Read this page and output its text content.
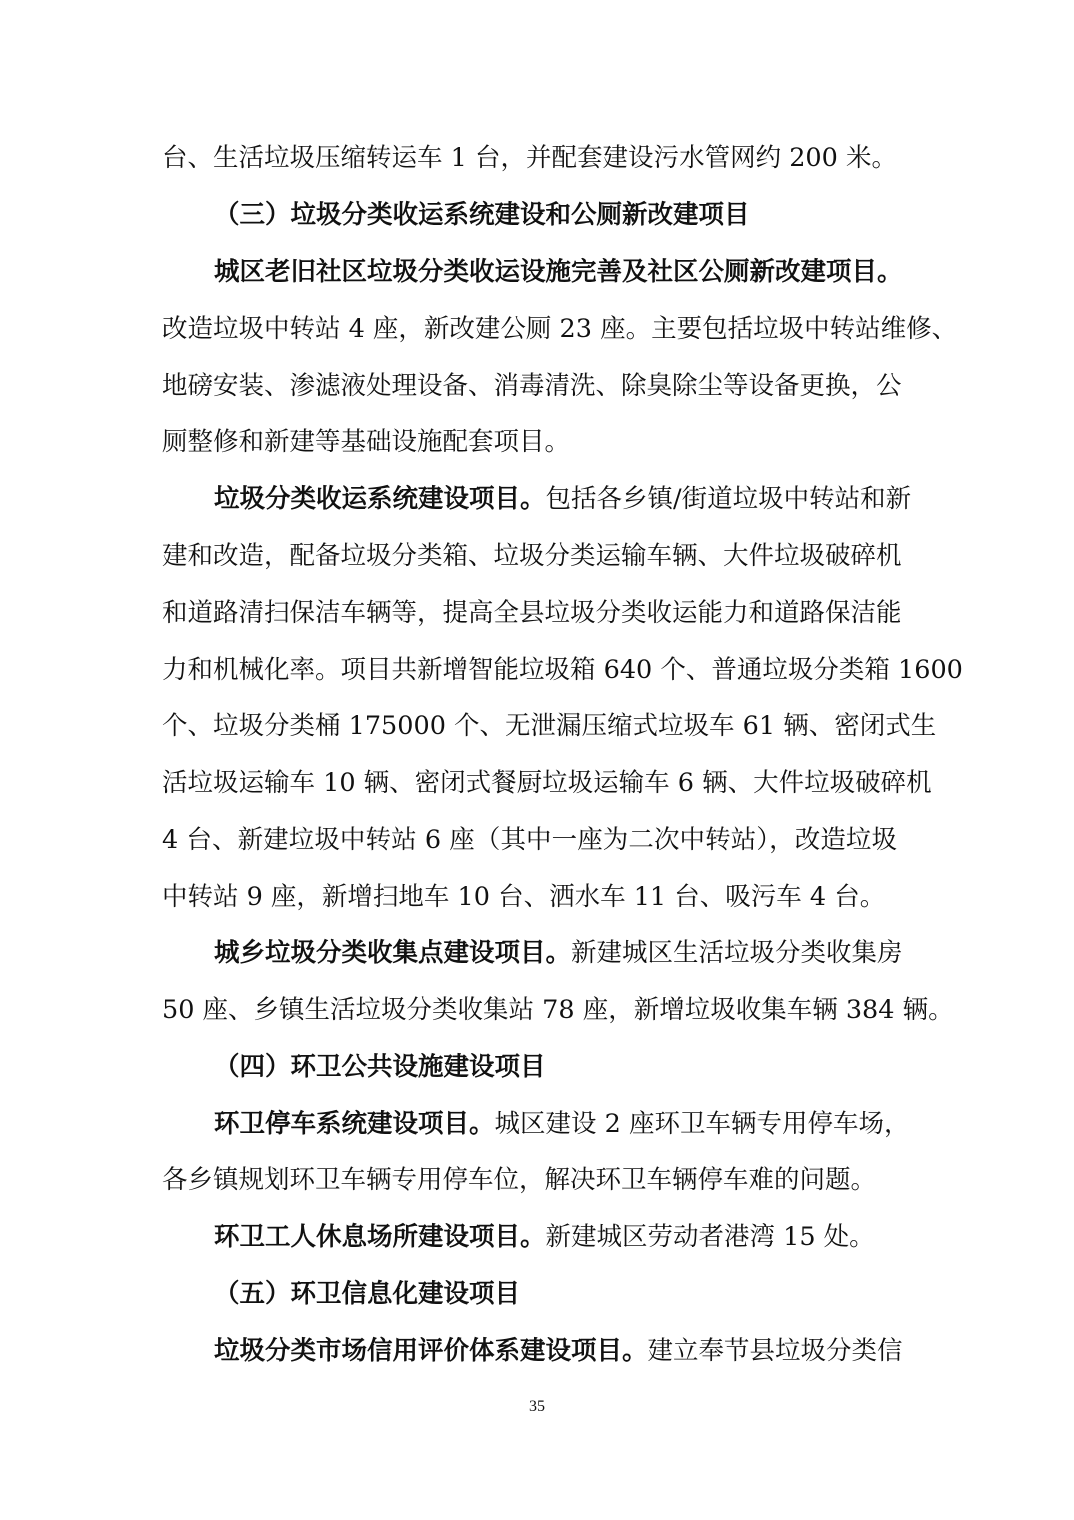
台、生活垃圾压缩转运车 1 台，并配套建设污水管网约 200 米。
（三）垃圾分类收运系统建设和公厕新改建项目
城区老旧社区垃圾分类收运设施完善及社区公厕新改建项目。
改造垃圾中转站 4 座，新改建公厕 23 座。主要包括垃圾中转站维修、
地磅安装、渗滤液处理设备、消毒清洗、除臭除尘等设备更换，公
厕整修和新建等基础设施配套项目。
垃圾分类收运系统建设项目。包括各乡镇/街道垃圾中转站和新
建和改造，配备垃圾分类箱、垃圾分类运输车辆、大件垃圾破碎机
和道路清扫保洁车辆等，提高全县垃圾分类收运能力和道路保洁能
力和机械化率。项目共新增智能垃圾箱 640 个、普通垃圾分类箱 1600
个、垃圾分类桶 175000 个、无泄漏压缩式垃圾车 61 辆、密闭式生
活垃圾运输车 10 辆、密闭式餐厨垃圾运输车 6 辆、大件垃圾破碎机
4 台、新建垃圾中转站 6 座（其中一座为二次中转站），改造垃圾
中转站 9 座，新增扫地车 10 台、洒水车 11 台、吸污车 4 台。
城乡垃圾分类收集点建设项目。新建城区生活垃圾分类收集房
50 座、乡镇生活垃圾分类收集站 78 座，新增垃圾收集车辆 384 辆。
（四）环卫公共设施建设项目
环卫停车系统建设项目。城区建设 2 座环卫车辆专用停车场，
各乡镇规划环卫车辆专用停车位，解决环卫车辆停车难的问题。
环卫工人休息场所建设项目。新建城区劳动者港湾 15 处。
（五）环卫信息化建设项目
垃圾分类市场信用评价体系建设项目。建立奉节县垃圾分类信
35
